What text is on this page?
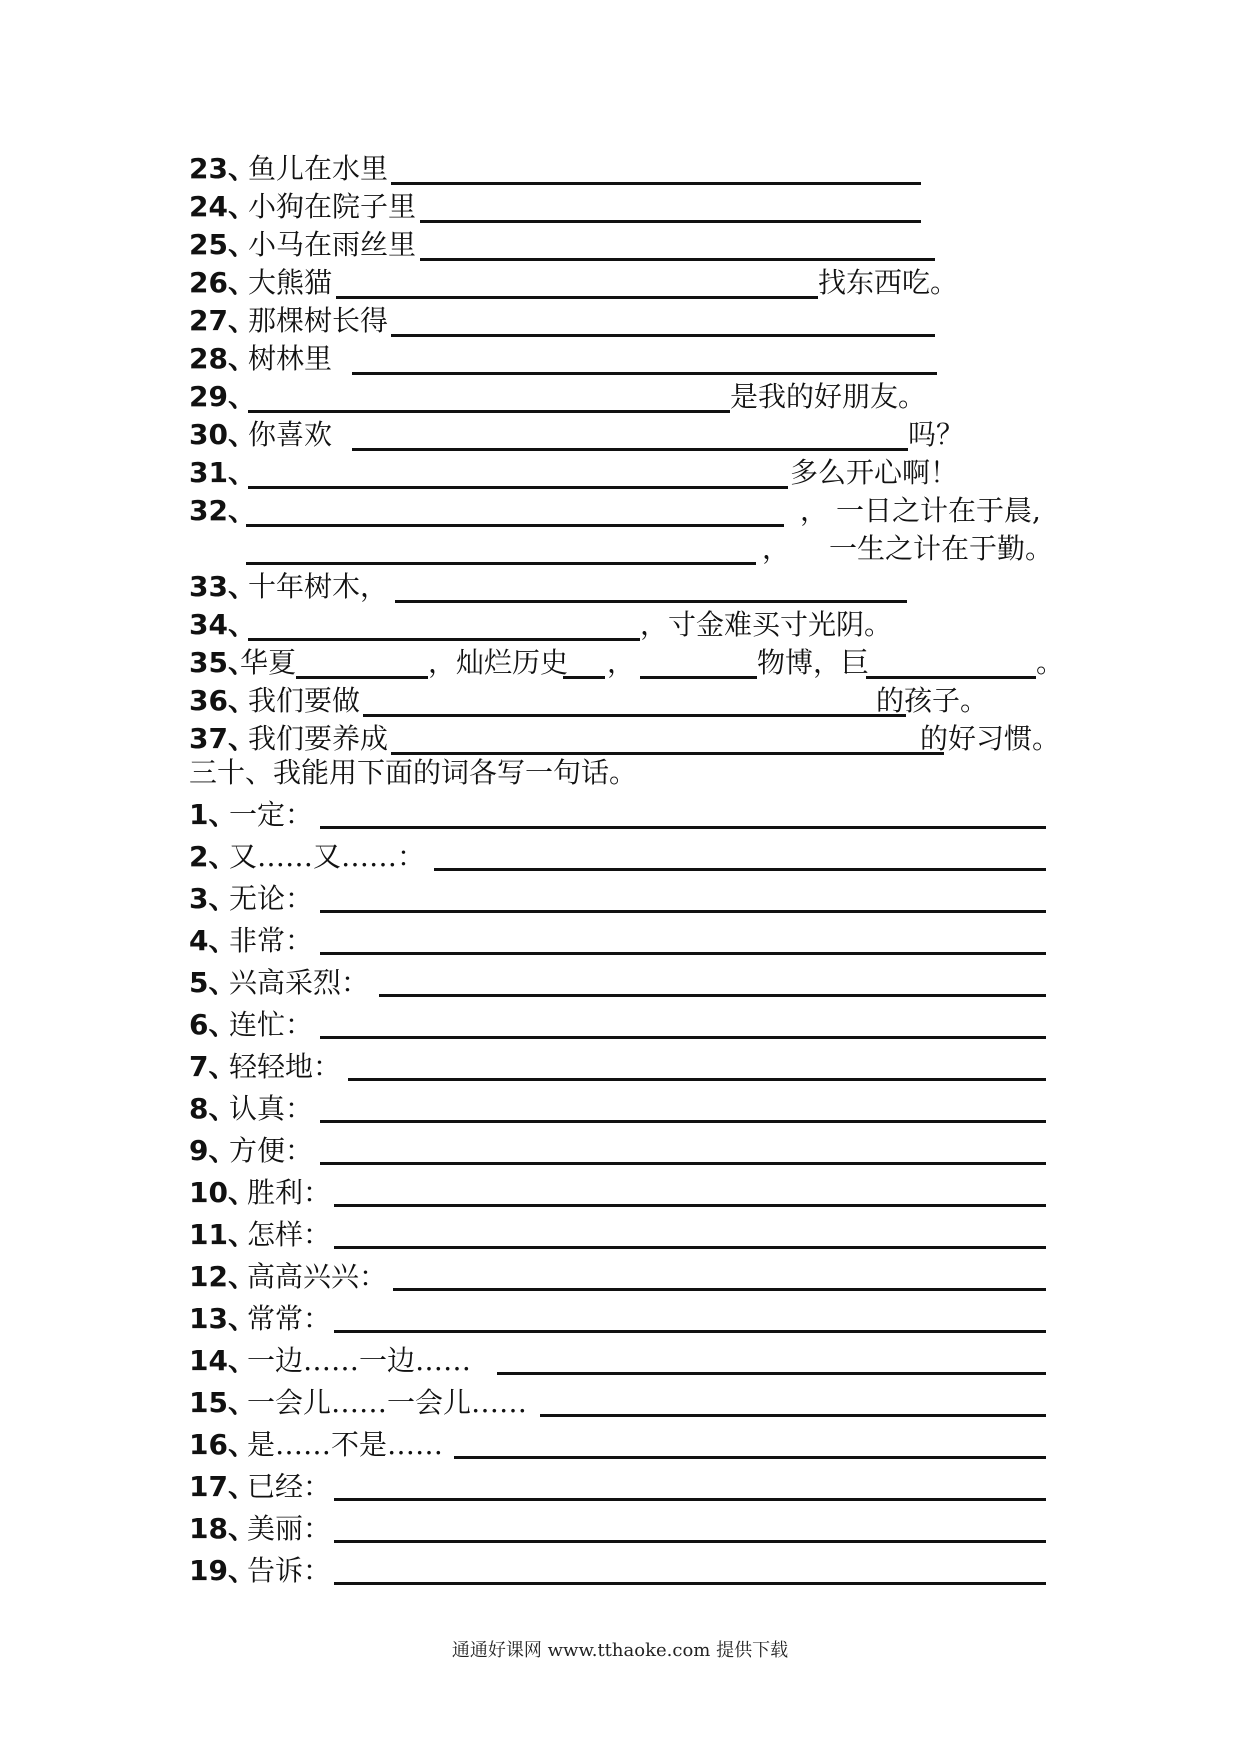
23、
鱼儿在水里
24、
小狗在院子里
25、
小马在雨丝里
26、
大熊猫	找东西吃。
27、
那棵树长得
28、
树林里
29、	是我的好朋友。
30、
你喜欢	吗？
31、	多么开心啊！
32、	， 一日之计在于晨,
， 一生之计在于勤。
33、
十年树木，
34、	，寸金难买寸光阴。
35、
华夏	，灿烂历史 ，	物博，巨	。
36、
我们要做	的孩子。
37、
我们要养成	的好习惯。
三十、我能用下面的词各写一句话。
1、
一定：
2、
又……又……：
3、
无论：
4、
非常：
5、
兴高采烈：
6、
连忙：
7、
轻轻地：
8、
认真：
9、
方便：
10、
胜利：
11、
怎样：
12、
高高兴兴：
13、
常常：
14、
一边……一边……
15、
一会儿……一会儿……
16、
是……不是……
17、
已经：
18、
美丽：
19、
告诉：
通通好课网 www.tthaoke.com 提供下载
